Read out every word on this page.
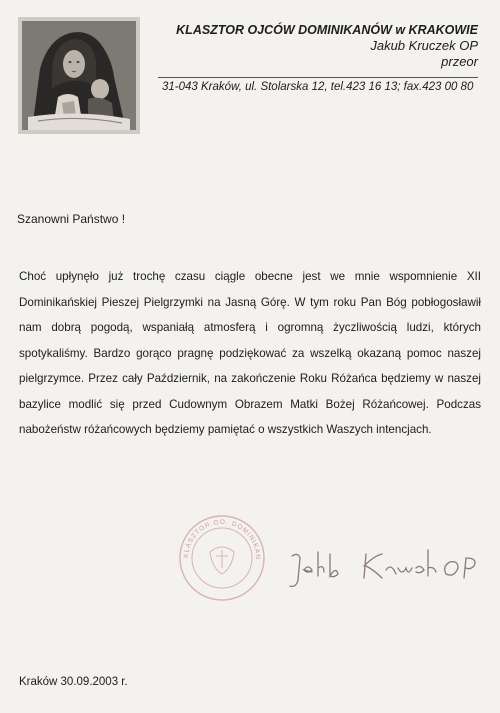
KLASZTOR OJCÓW DOMINIKANÓW w KRAKOWIE
Jakub Kruczek OP
przeor
31-043 Kraków, ul. Stolarska 12, tel.423 16 13; fax.423 00 80
Szanowni Państwo !
Choć upłynęło już trochę czasu ciągle obecne jest we mnie wspomnienie XII Dominikańskiej Pieszej Pielgrzymki na Jasną Górę. W tym roku Pan Bóg pobłogosławił nam dobrą pogodą, wspaniałą atmosferą i ogromną życzliwością ludzi, których spotykaliśmy. Bardzo gorąco pragnę podziękować za wszelką okazaną pomoc naszej pielgrzymce. Przez cały Październik, na zakończenie Roku Różańca będziemy w naszej bazylice modlić się przed Cudownym Obrazem Matki Bożej Różańcowej. Podczas nabożeństw różańcowych będziemy pamiętać o wszystkich Waszych intencjach.
KLASZTOR OO. DOMINIKAN
Kraków 30.09.2003 r.
